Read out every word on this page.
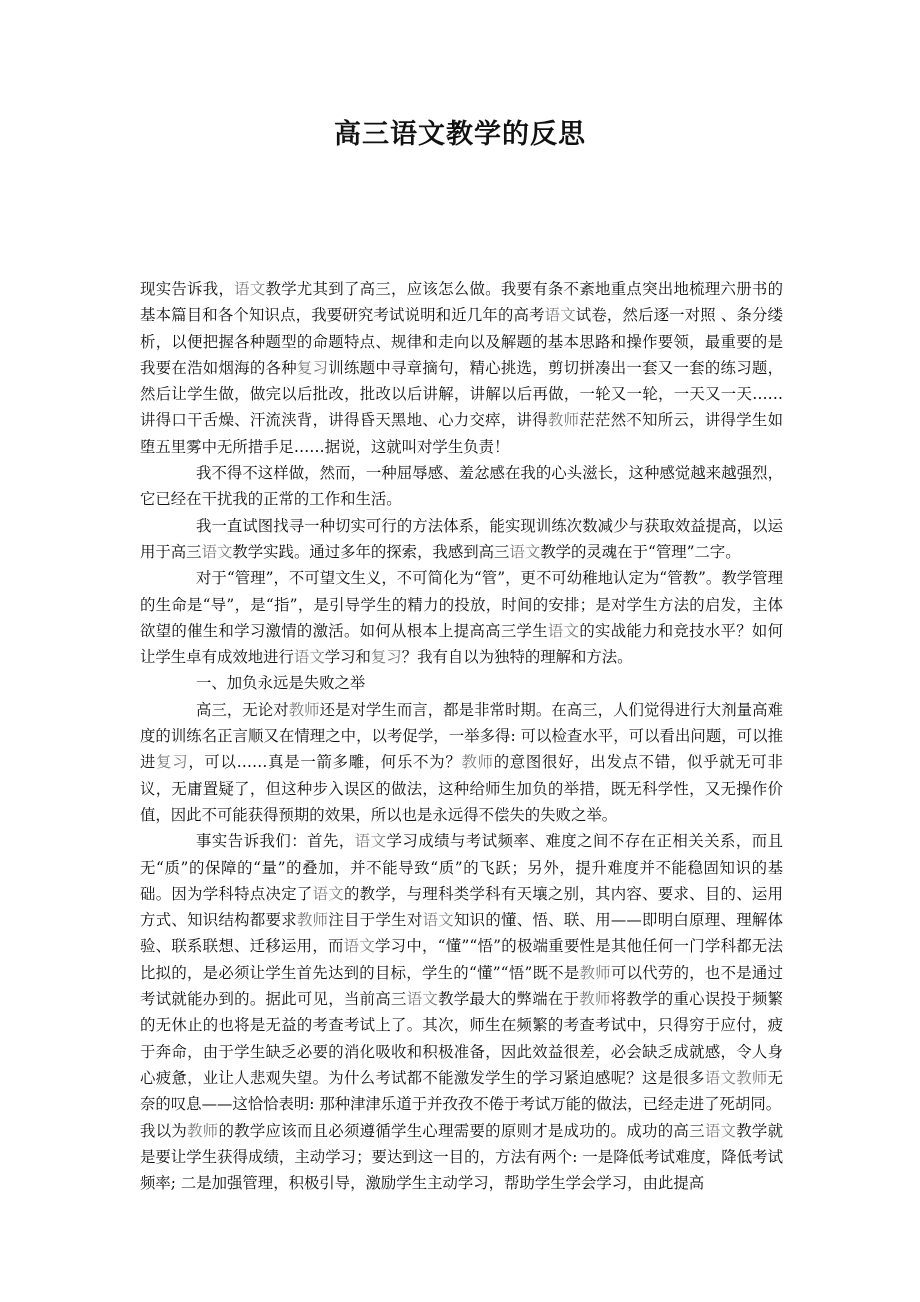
高三语文教学的反思

现实告诉我，语文教学尤其到了高三，应该怎么做。我要有条不紊地重点突出地梳理六册书的基本篇目和各个知识点，我要研究考试说明和近几年的高考语文试卷，然后逐一对照 、条分缕析，以便把握各种题型的命题特点、规律和走向以及解题的基本思路和操作要领，最重要的是我要在浩如烟海的各种复习训练题中寻章摘句，精心挑选，剪切拼凑出一套又一套的练习题，然后让学生做，做完以后批改，批改以后讲解，讲解以后再做，一轮又一轮，一天又一天……讲得口干舌燥、汗流浃背，讲得昏天黑地、心力交瘁，讲得教师茫茫然不知所云，讲得学生如堕五里雾中无所措手足……据说，这就叫对学生负责！

我不得不这样做，然而，一种屈辱感、羞忿感在我的心头滋长，这种感觉越来越强烈， 它已经在干扰我的正常的工作和生活。

我一直试图找寻一种切实可行的方法体系，能实现训练次数减少与获取效益提高，以运用于高三语文教学实践。通过多年的探索，我感到高三语文教学的灵魂在于“管理”二字。

对于“管理”，不可望文生义，不可简化为“管”，更不可幼稚地认定为“管教”。教学管理的生命是“导”，是“指”，是引导学生的精力的投放，时间的安排；是对学生方法的启发，主体欲望的催生和学习激情的激活。如何从根本上提高高三学生语文的实战能力和竞技水平？如何让学生卓有成效地进行语文学习和复习？我有自以为独特的理解和方法。

一、加负永远是失败之举

高三，无论对教师还是对学生而言，都是非常时期。在高三，人们觉得进行大剂量高难度的训练名正言顺又在情理之中，以考促学，一举多得: 可以检查水平，可以看出问题，可以推进复习，可以……真是一箭多雕，何乐不为？教师的意图很好，出发点不错，似乎就无可非议，无庸置疑了，但这种步入误区的做法，这种给师生加负的举措，既无科学性，又无操作价值，因此不可能获得预期的效果，所以也是永远得不偿失的失败之举。

事实告诉我们：首先，语文学习成绩与考试频率、难度之间不存在正相关关系，而且无“质”的保障的“量”的叠加，并不能导致“质”的飞跃；另外，提升难度并不能稳固知识的基础。因为学科特点决定了语文的教学，与理科类学科有天壤之别，其内容、要求、目的、运用方式、知识结构都要求教师注目于学生对语文知识的懂、悟、联、用——即明白原理、理解体验、联系联想、迁移运用，而语文学习中，“懂”“悟”的极端重要性是其他任何一门学科都无法比拟的，是必须让学生首先达到的目标，学生的“懂”“悟”既不是教师可以代劳的，也不是通过考试就能办到的。据此可见，当前高三语文教学最大的弊端在于教师将教学的重心误投于频繁的无休止的也将是无益的考查考试上了。其次，师生在频繁的考查考试中，只得穷于应付，疲于奔命，由于学生缺乏必要的消化吸收和积极准备，因此效益很差，必会缺乏成就感，令人身心疲惫，业让人悲观失望。为什么考试都不能激发学生的学习紧迫感呢？这是很多语文教师无奈的叹息——这恰恰表明: 那种津津乐道于并孜孜不倦于考试万能的做法，已经走进了死胡同。

我以为教师的教学应该而且必须遵循学生心理需要的原则才是成功的。成功的高三语文教学就是要让学生获得成绩，主动学习；要达到这一目的，方法有两个: 一是降低考试难度，降低考试频率; 二是加强管理，积极引导，激励学生主动学习，帮助学生学会学习，由此提高
